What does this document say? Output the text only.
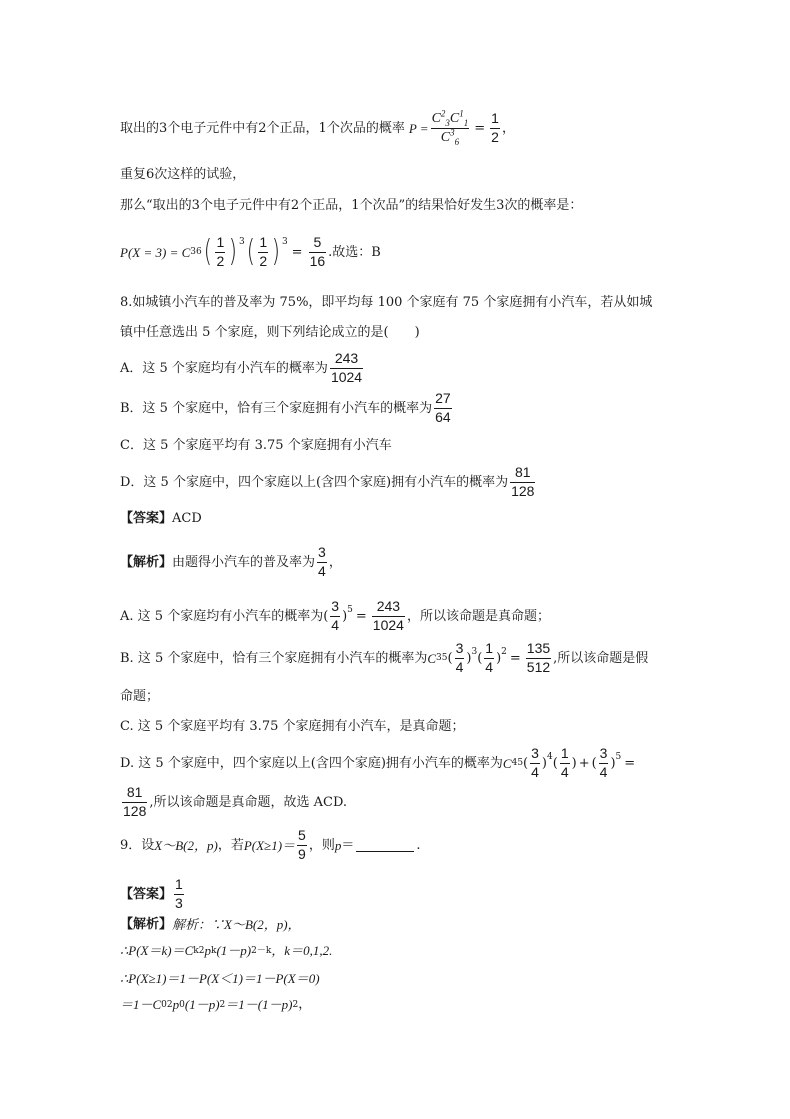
取出的3个电子元件中有2个正品，1个次品的概率 $P = \frac{C^2_3C^1_1}{C^3_6} = \frac{1}{2}$ ，
重复6次这样的试验，
那么“取出的3个电子元件中有2个正品，1个次品”的结果恰好发生3次的概率是：
P(X = 3) = C 3 6 ( $\frac{1}{2} )^3$ ( $\frac{1}{2} )^3$
= $\frac{5}{16}$ .故选：B
8.如城镇小汽车的普及率为 75%，即平均每 100 个家庭有 75 个家庭拥有小汽车，若从如城
镇中任意选出 5 个家庭，则下列结论成立的是(　　)
A．这 5 个家庭均有小汽车的概率为 $\frac{243}{1024}$
B．这 5 个家庭中，恰有三个家庭拥有小汽车的概率为 $\frac{27}{64}$
C．这 5 个家庭平均有 3.75 个家庭拥有小汽车
D．这 5 个家庭中，四个家庭以上(含四个家庭)拥有小汽车的概率为 $\frac{81}{128}$
【答案】 ACD
【解析】 由题得小汽车的普及率为 $\frac{3}{4}$ ，
A. 这 5 个家庭均有小汽车的概率为 ( $\frac{3}{4} )^5 = \frac{243}{1024}$ ，所以该命题是真命题；
B. 这 5 个家庭中，恰有三个家庭拥有小汽车的概率为 C 3 5 ( $\frac{3}{4} )^3$ ( $\frac{1}{4} )^2 = \frac{135}{512}$ ,所以该命题是假
命题；
C. 这 5 个家庭平均有 3.75 个家庭拥有小汽车，是真命题；
D. 这 5 个家庭中，四个家庭以上(含四个家庭)拥有小汽车的概率为 C 4 5 ( $\frac{3}{4} )^4$ ( $\frac{1}{4}$ ) + ( $\frac{3}{4} )^5$ =
$\frac{81}{128}$ ,所以该命题是真命题，故选 ACD.
9．设 X～B(2，p) ，若 $P(X\ge 1)= \frac{5}{9}$ ，则 p ＝	.
【答案】 $\frac{1}{3}$
【解析】 解析：∵X～B(2，p)，
∴P(X＝k)＝C k 2 p k (1－p) 2－k ，k＝0,1,2.
∴P(X≥1)＝1－P(X＜1)＝1－P(X＝0)
＝1－C 0 2 p 0 (1－p) 2 ＝1－(1－p) 2 ，
